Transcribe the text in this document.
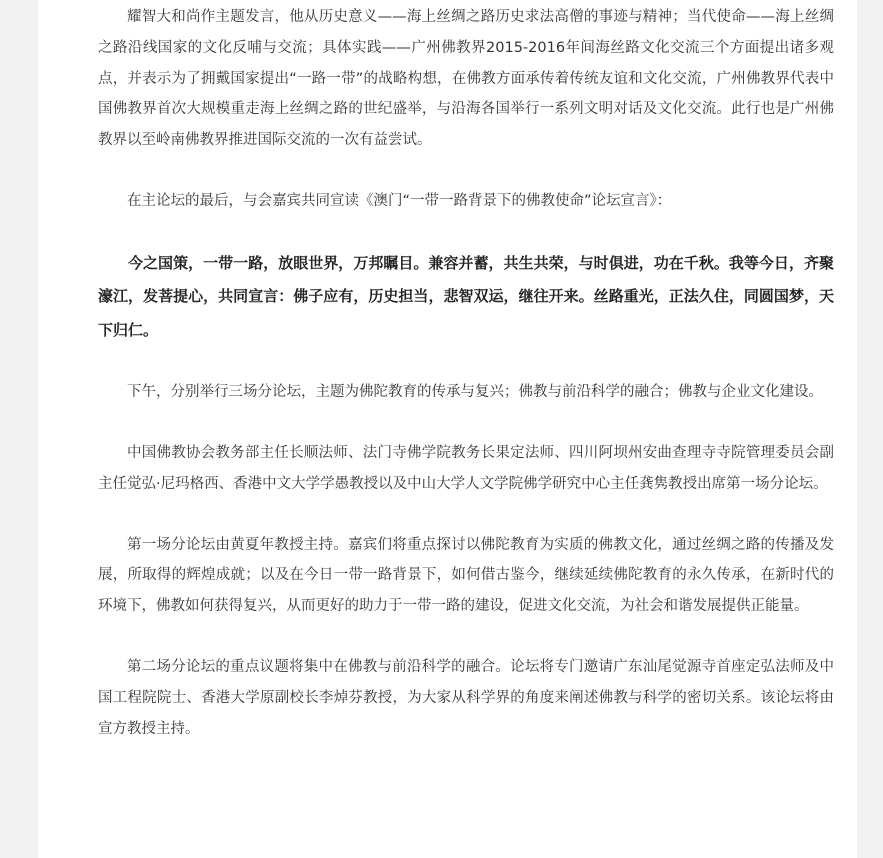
耀智大和尚作主题发言，他从历史意义——海上丝绸之路历史求法高僧的事迹与精神；当代使命——海上丝绸之路沿线国家的文化反哺与交流；具体实践——广州佛教界2015-2016年间海丝路文化交流三个方面提出诸多观点，并表示为了拥戴国家提出“一路一带”的战略构想，在佛教方面承传着传统友谊和文化交流，广州佛教界代表中国佛教界首次大规模重走海上丝绸之路的世纪盛举，与沿海各国举行一系列文明对话及文化交流。此行也是广州佛教界以至岭南佛教界推进国际交流的一次有益尝试。

在主论坛的最后，与会嘉宾共同宣读《澳门“一带一路背景下的佛教使命”论坛宣言》：

今之国策，一带一路，放眼世界，万邦瞩目。兼容并蓄，共生共荣，与时俱进，功在千秋。我等今日，齐聚濠江，发菩提心，共同宣言：佛子应有，历史担当，悲智双运，继往开来。丝路重光，正法久住，同圆国梦，天下归仁。

下午，分别举行三场分论坛，主题为佛陀教育的传承与复兴；佛教与前沿科学的融合；佛教与企业文化建设。

中国佛教协会教务部主任长顺法师、法门寺佛学院教务长果定法师、四川阿坝州安曲查理寺寺院管理委员会副主任觉弘·尼玛格西、香港中文大学学愚教授以及中山大学人文学院佛学研究中心主任龚隽教授出席第一场分论坛。

第一场分论坛由黄夏年教授主持。嘉宾们将重点探讨以佛陀教育为实质的佛教文化，通过丝绸之路的传播及发展，所取得的辉煌成就；以及在今日一带一路背景下，如何借古鉴今，继续延续佛陀教育的永久传承，在新时代的环境下，佛教如何获得复兴，从而更好的助力于一带一路的建设，促进文化交流，为社会和谐发展提供正能量。

第二场分论坛的重点议题将集中在佛教与前沿科学的融合。论坛将专门邀请广东汕尾觉源寺首座定弘法师及中国工程院院士、香港大学原副校长李焯芬教授，为大家从科学界的角度来阐述佛教与科学的密切关系。该论坛将由宣方教授主持。
